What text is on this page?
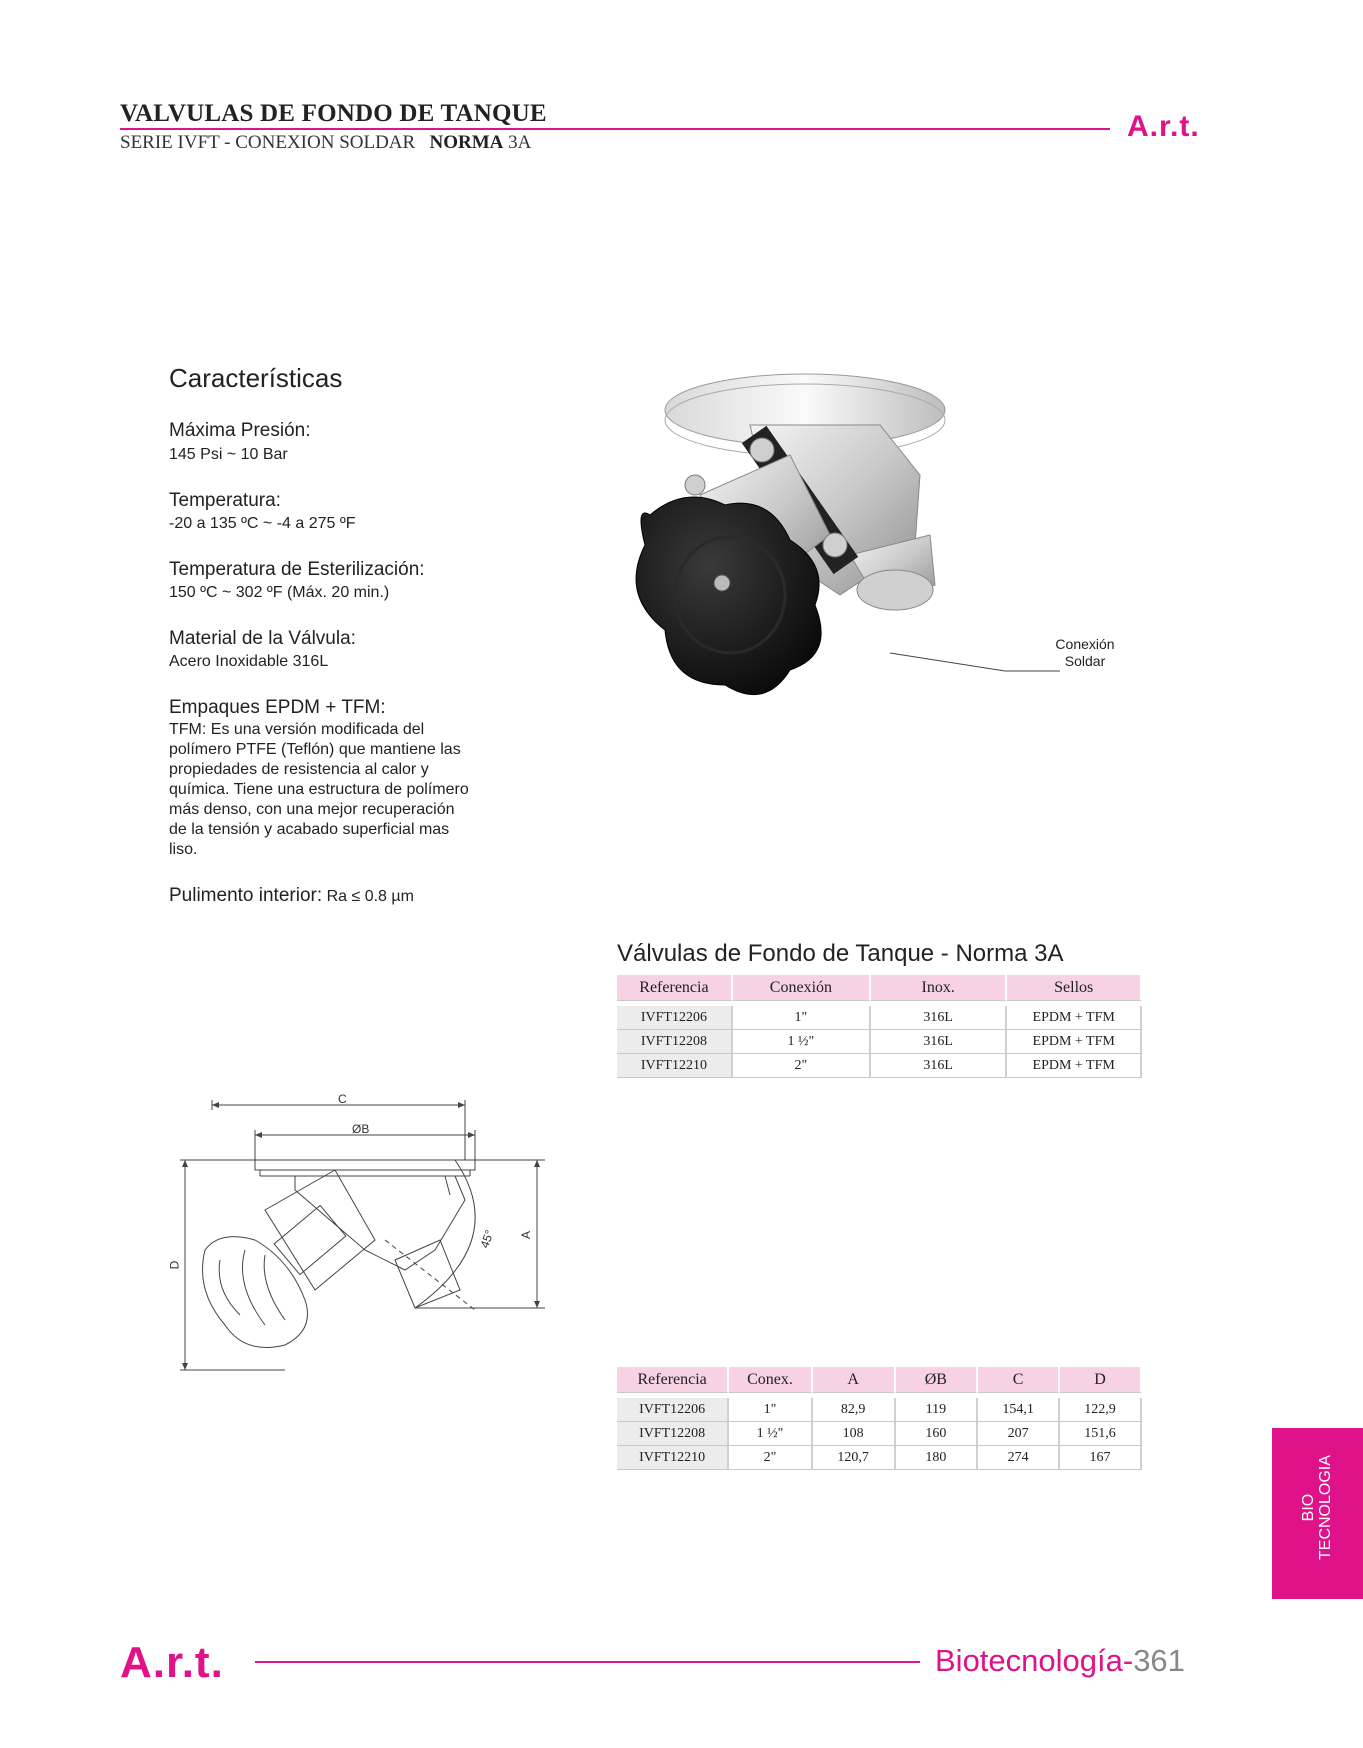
VALVULAS DE FONDO DE TANQUE
SERIE IVFT - CONEXION SOLDAR NORMA 3A	A.r.t.
Características
Máxima Presión:
145 Psi ~ 10 Bar
Temperatura:
-20 a 135 ºC ~ -4 a 275 ºF
Temperatura de Esterilización:
150 ºC ~ 302 ºF (Máx. 20 min.)
Material de la Válvula:
Acero Inoxidable 316L
Empaques EPDM + TFM:
TFM: Es una versión modificada del polímero PTFE (Teflón) que mantiene las propiedades de resistencia al calor y química. Tiene una estructura de polímero más denso, con una mejor recuperación de la tensión y acabado superficial mas liso.
Pulimento interior: Ra ≤ 0.8 µm
Conexión
Soldar
Válvulas de Fondo de Tanque - Norma 3A
Referencia	Conexión	Inox.	Sellos

IVFT12206	1"	316L	EPDM + TFM
IVFT12208	1 ½"	316L	EPDM + TFM
IVFT12210	2"	316L	EPDM + TFM
C
ØB
D
A
45°
Referencia	Conex.	A	ØB	C	D

IVFT12206	1"	82,9	119	154,1	122,9
IVFT12208	1 ½"	108	160	207	151,6
IVFT12210	2"	120,7	180	274	167
BIO TECNOLOGIA
A.r.t.	Biotecnología-361
